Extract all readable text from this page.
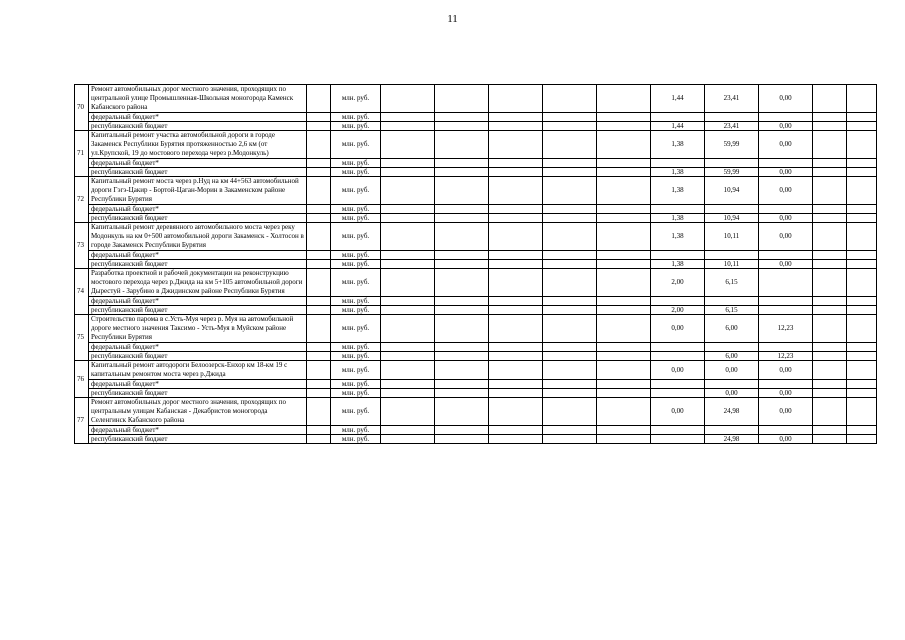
11
70	Ремонт автомобильных дорог местного значения, проходящих по центральной улице Промышленная-Школьная моногорода Каменск Кабанского района		млн. руб.						1,44	23,41	0,00		
	федеральный бюджет*		млн. руб.										
	республиканский бюджет		млн. руб.						1,44	23,41	0,00		
71	Капитальный ремонт участка автомобильной дороги в городе Закаменск Республики Бурятия протяженностью 2,6 км (от ул.Крупской, 19 до мостового перехода через р.Модонкуль)		млн. руб.						1,38	59,99	0,00		
	федеральный бюджет*		млн. руб.										
	республиканский бюджет		млн. руб.						1,38	59,99	0,00		
72	Капитальный ремонт моста через р.Нуд на км 44+563 автомобильной дороги Гэгэ-Цакир - Бортой-Цаган-Морин в Закаменском районе Республики Бурятия		млн. руб.						1,38	10,94	0,00		
	федеральный бюджет*		млн. руб.										
	республиканский бюджет		млн. руб.						1,38	10,94	0,00		
73	Капитальный ремонт деревянного автомобильного моста через реку Модонкуль на км 0+500 автомобильной дороги Закаменск - Холтосон в городе Закаменск Республики Бурятия		млн. руб.						1,38	10,11	0,00		
	федеральный бюджет*		млн. руб.										
	республиканский бюджет		млн. руб.						1,38	10,11	0,00		
74	Разработка проектной и рабочей документации на реконструкцию мостового перехода через р.Джида на км 5+105 автомобильной дороги Дырестуй - Зарубино в Джидинском районе Республики Бурятия		млн. руб.						2,00	6,15			
	федеральный бюджет*		млн. руб.										
	республиканский бюджет		млн. руб.						2,00	6,15			
75	Строительство парома в с.Усть-Муя через р. Муя на автомобильной дороге местного значения Таксимо - Усть-Муя в Муйском районе Республики Бурятия		млн. руб.						0,00	6,00	12,23		
	федеральный бюджет*		млн. руб.										
	республиканский бюджет		млн. руб.							6,00	12,23		
76	Капитальный ремонт автодороги Белоозерск-Енхор км 18-км 19 с капитальным ремонтом моста через р.Джида		млн. руб.						0,00	0,00	0,00		
	федеральный бюджет*		млн. руб.										
	республиканский бюджет		млн. руб.							0,00	0,00		
77	Ремонт автомобильных дорог местного значения, проходящих по центральным улицам Кабанская - Декабристов моногорода Селенгинск Кабанского района		млн. руб.						0,00	24,98	0,00		
	федеральный бюджет*		млн. руб.										
	республиканский бюджет		млн. руб.							24,98	0,00		
